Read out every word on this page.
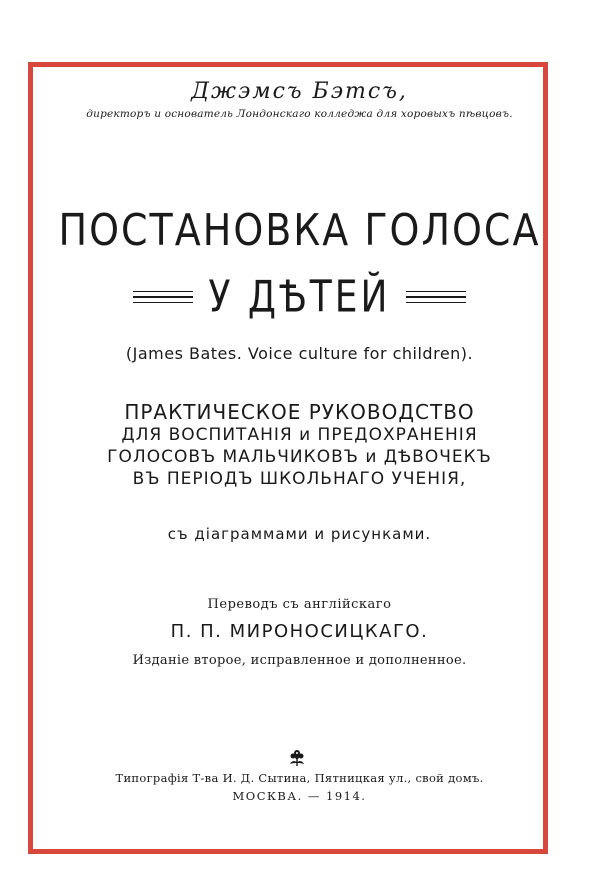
Джэмсъ Бэтсъ,
директоръ и основатель Лондонскаго колледжа для хоровыхъ пѣвцовъ.
ПОСТАНОВКА ГОЛОСА
У ДѢТЕЙ
(James Bates. Voice culture for children).
ПРАКТИЧЕСКОЕ РУКОВОДСТВО
ДЛЯ ВОСПИТАНІЯ и ПРЕДОХРАНЕНІЯ
ГОЛОСОВЪ МАЛЬЧИКОВЪ и ДѢВОЧЕКЪ
ВЪ ПЕРІОДЪ ШКОЛЬНАГО УЧЕНІЯ,
съ діаграммами и рисунками.
Переводъ съ англійскаго
П. П. МИРОНОСИЦКАГО.
Изданіе второе, исправленное и дополненное.
Типографія Т-ва И. Д. Сытина, Пятницкая ул., свой домъ.
МОСКВА. — 1914.
